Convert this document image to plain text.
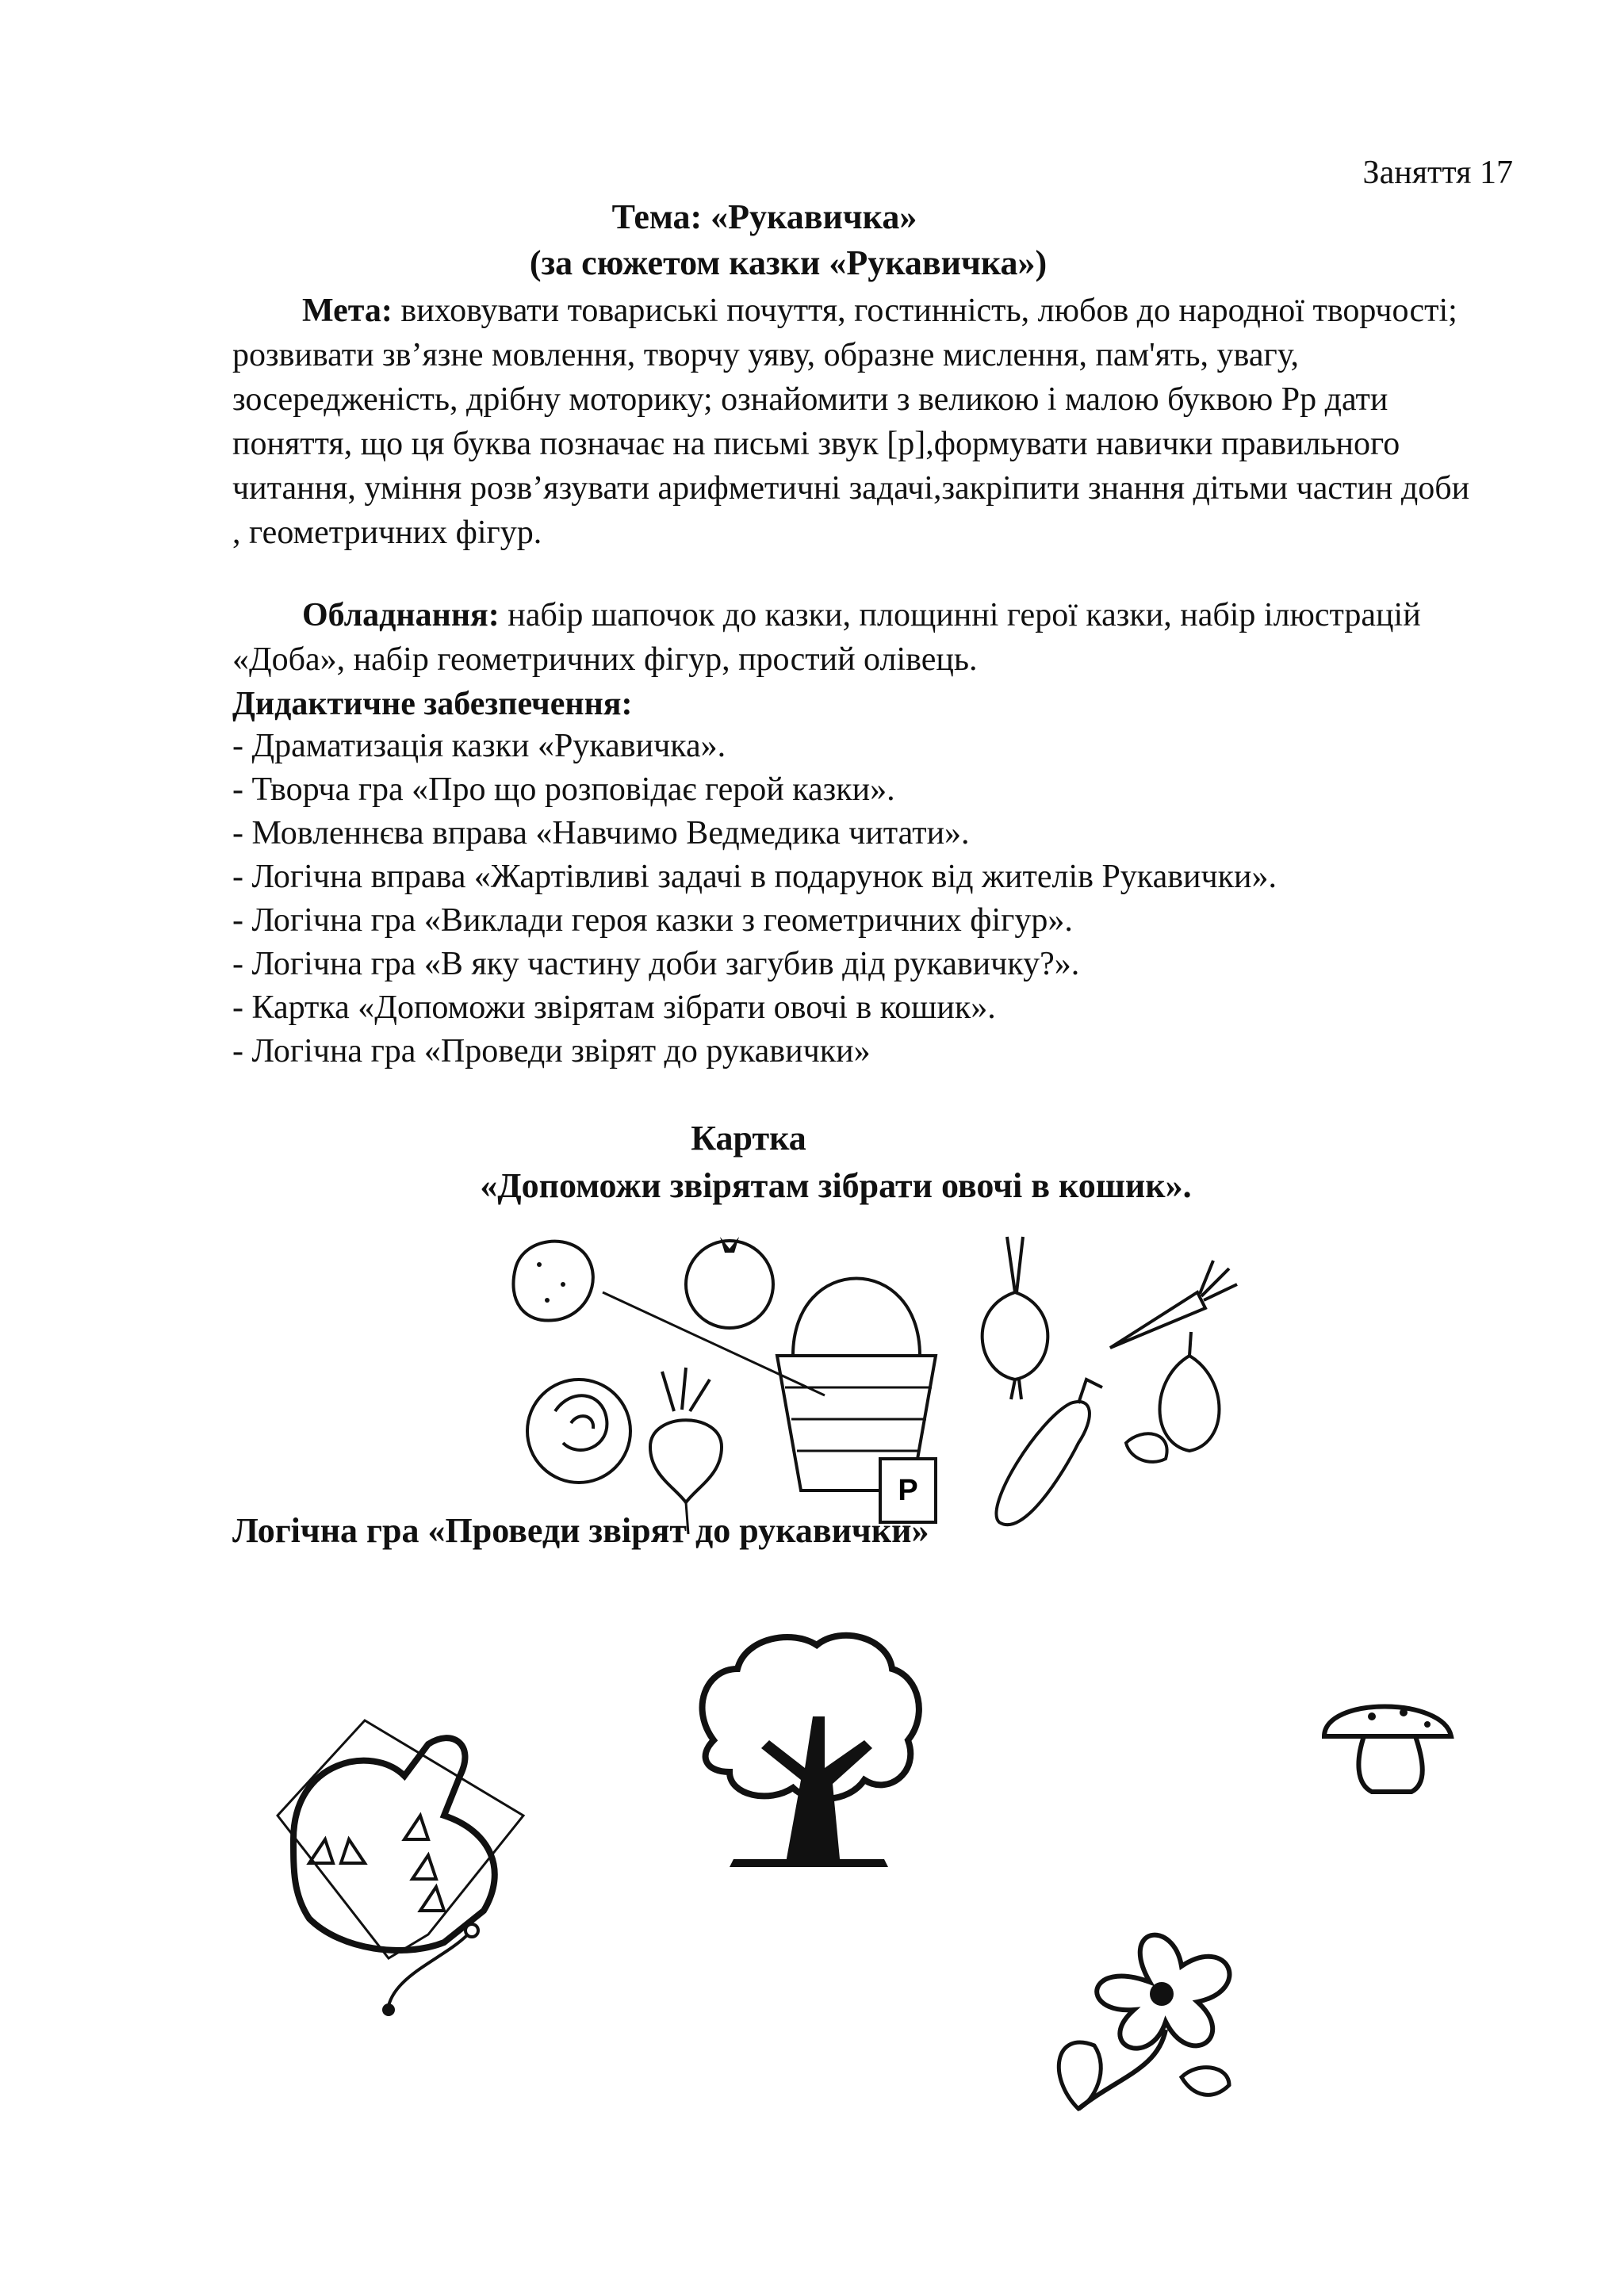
Заняття 17
Тема: «Рукавичка»
(за сюжетом казки «Рукавичка»)
Мета: виховувати товариські почуття, гостинність, любов до народної творчості; розвивати зв’язне мовлення, творчу уяву, образне мислення, пам'ять, увагу, зосередженість, дрібну моторику; ознайомити з великою і малою буквою Рр дати поняття, що ця буква позначає на письмі звук [р],формувати навички правильного читання, уміння розв’язувати арифметичні задачі,закріпити знання дітьми частин доби , геометричних фігур.
Обладнання: набір шапочок до казки, площинні герої казки, набір ілюстрацій «Доба», набір геометричних фігур, простий олівець.
Дидактичне забезпечення:
- Драматизація казки «Рукавичка».
- Творча гра «Про що розповідає герой казки».
- Мовленнєва вправа «Навчимо Ведмедика читати».
- Логічна вправа «Жартівливі задачі в подарунок від жителів Рукавички».
- Логічна гра «Виклади героя казки з геометричних фігур».
- Логічна гра «В яку частину доби загубив дід рукавичку?».
- Картка «Допоможи звірятам зібрати овочі в кошик».
- Логічна гра «Проведи звірят до рукавички»
Картка
«Допоможи звірятам зібрати овочі в кошик».
Р
Логічна гра «Проведи звірят до рукавички»
